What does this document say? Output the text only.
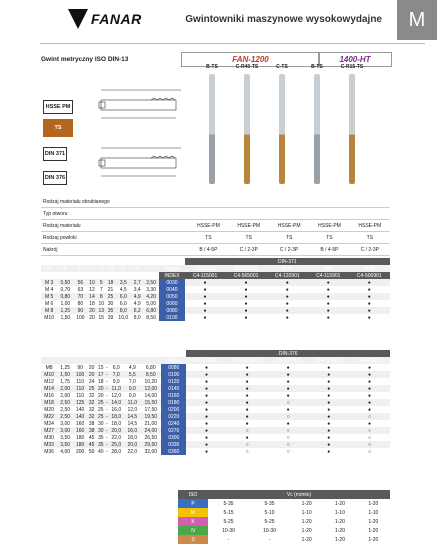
FANAR	Gwintowniki maszynowe wysokowydajne	M
Gwint metryczny ISO DIN-13
HSSE PM
TS
DIN 371 DIN 376
FAN-1200	1400-HT
B-TS	C-R40-TS	C-TS	B-TS	C-R15-TS
Rodzaj materiału obrabianego						
Typ otworu						
Rodzaj materiału		HSSE-PM	HSSE-PM	HSSE-PM	HSSE-PM	HSSE-PM
Rodzaj powłoki		TS	TS	TS	TS	TS
Nakrój		B / 4-5P	C / 2-3P	C / 2-3P	B / 4-5P	C / 2-3P
										DIN-371				
M	P	L	L1	L2	L3	d1	a		Norma	ISO2 (6H)	ISO2 (6H)	6HX	6HX	6HX
									INDEX	C4-115001	C4-565001	C4-120901	C4-115901	C4-500901
M 3	0,50	56	10	5	18	3,5	2,7	2,50	0030	●	●	●	●	●
M 4	0,70	63	12	7	21	4,5	3,4	3,30	0040	●	●	●	●	●
M 5	0,80	70	14	8	25	6,0	4,9	4,20	0050	●	●	●	●	●
M 6	1,00	80	18	10	30	6,0	4,9	5,00	0060	●	●	●	●	●
M 8	1,25	90	20	13	35	8,0	6,2	6,80	0080	●	●	●	●	●
M10	1,50	100	20	15	39	10,0	8,0	8,50	0100	●	●	●	●	●
										DIN-376				
									INDEX	D4-115001	D4-565001	D4-120901	D4-115901	D4-500901
M8	1,25	90	20	15	-	6,0	4,9	6,80	0080	●	●	●	●	●
M10	1,50	100	20	17	-	7,0	5,5	8,50	0100	●	●	●	●	●
M12	1,75	110	24	18	-	9,0	7,0	10,20	0120	●	●	●	●	●
M14	2,00	110	25	20	-	11,0	9,0	12,00	0140	●	●	●	●	●
M16	2,00	110	32	20	-	12,0	9,0	14,00	0160	●	●	●	●	●
M18	2,50	125	32	25	-	14,0	11,0	15,50	0180	●	●	○	●	●
M20	2,50	140	32	25	-	16,0	12,0	17,50	0200	●	●	●	●	●
M22	2,50	140	32	25	-	18,0	14,5	19,50	0220	●	●	○	●	○
M24	3,00	160	38	30	-	18,0	14,5	21,00	0240	●	●	●	●	●
M27	3,00	160	38	30	-	20,0	16,0	24,00	0270	●	○	○	●	○
M30	3,50	180	45	35	-	22,0	18,0	26,50	0300	●	●	○	●	○
M33	3,50	180	45	35	-	25,0	20,0	29,50	0330	●	○	○	●	○
M36	4,00	200	50	40	-	28,0	22,0	32,00	0360	●	○	○	●	○
ISO	Vc (m/min)				
P	5-35	5-35	1-20	1-20	1-20
M	5-15	5-10	1-10	1-10	1-10
K	5-25	5-25	1-20	1-20	1-20
N	10-30	10-30	1-20	1-20	1-20
S	-	-	1-20	1-20	1-20
